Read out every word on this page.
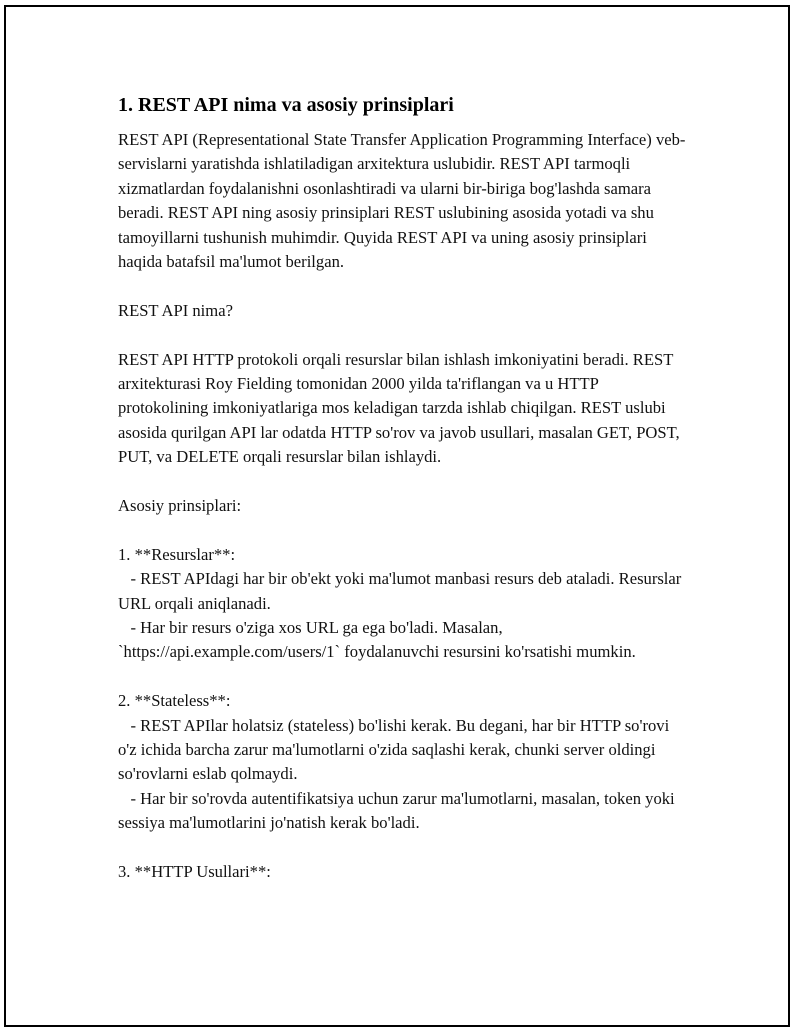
1. REST API nima va asosiy prinsiplari

REST API (Representational State Transfer Application Programming Interface) veb-servislarni yaratishda ishlatiladigan arxitektura uslubidir. REST API tarmoqli xizmatlardan foydalanishni osonlashtiradi va ularni bir-biriga bog'lashda samara beradi. REST API ning asosiy prinsiplari REST uslubining asosida yotadi va shu tamoyillarni tushunish muhimdir. Quyida REST API va uning asosiy prinsiplari haqida batafsil ma'lumot berilgan.

REST API nima?

REST API HTTP protokoli orqali resurslar bilan ishlash imkoniyatini beradi. REST arxitekturasi Roy Fielding tomonidan 2000 yilda ta'riflangan va u HTTP protokolining imkoniyatlariga mos keladigan tarzda ishlab chiqilgan. REST uslubi asosida qurilgan API lar odatda HTTP so'rov va javob usullari, masalan GET, POST, PUT, va DELETE orqali resurslar bilan ishlaydi.

Asosiy prinsiplari:

1. **Resurslar**:

- REST APIdagi har bir ob'ekt yoki ma'lumot manbasi resurs deb ataladi. Resurslar URL orqali aniqlanadi.

- Har bir resurs o'ziga xos URL ga ega bo'ladi. Masalan, `https://api.example.com/users/1` foydalanuvchi resursini ko'rsatishi mumkin.

2. **Stateless**:

- REST APIlar holatsiz (stateless) bo'lishi kerak. Bu degani, har bir HTTP so'rovi o'z ichida barcha zarur ma'lumotlarni o'zida saqlashi kerak, chunki server oldingi so'rovlarni eslab qolmaydi.

- Har bir so'rovda autentifikatsiya uchun zarur ma'lumotlarni, masalan, token yoki sessiya ma'lumotlarini jo'natish kerak bo'ladi.

3. **HTTP Usullari**:
